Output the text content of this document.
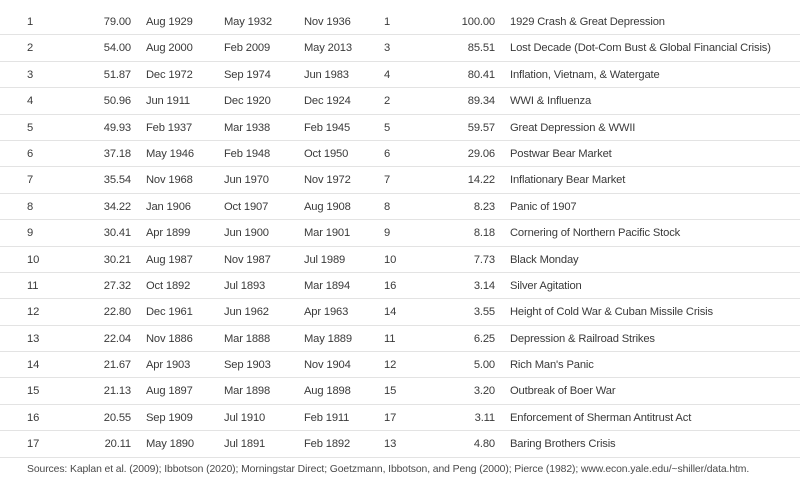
1	79.00 Aug 1929	May 1932	Nov 1936	1	100.00 1929 Crash & Great Depression
2	54.00 Aug 2000	Feb 2009	May 2013	3	85.51 Lost Decade (Dot-Com Bust & Global Financial Crisis)
3	51.87 Dec 1972	Sep 1974	Jun 1983	4	80.41 Inflation, Vietnam, & Watergate
4	50.96 Jun 1911	Dec 1920	Dec 1924	2	89.34 WWI & Influenza
5	49.93 Feb 1937	Mar 1938	Feb 1945	5	59.57 Great Depression & WWII
6	37.18 May 1946	Feb 1948	Oct 1950	6	29.06 Postwar Bear Market
7	35.54 Nov 1968	Jun 1970	Nov 1972	7	14.22 Inflationary Bear Market
8	34.22 Jan 1906	Oct 1907	Aug 1908	8	8.23 Panic of 1907
9	30.41 Apr 1899	Jun 1900	Mar 1901	9	8.18 Cornering of Northern Pacific Stock
10	30.21 Aug 1987	Nov 1987	Jul 1989	10	7.73 Black Monday
11	27.32 Oct 1892	Jul 1893	Mar 1894	16	3.14 Silver Agitation
12	22.80 Dec 1961	Jun 1962	Apr 1963	14	3.55 Height of Cold War & Cuban Missile Crisis
13	22.04 Nov 1886	Mar 1888	May 1889	11	6.25 Depression & Railroad Strikes
14	21.67 Apr 1903	Sep 1903	Nov 1904	12	5.00 Rich Man's Panic
15	21.13 Aug 1897	Mar 1898	Aug 1898	15	3.20 Outbreak of Boer War
16	20.55 Sep 1909	Jul 1910	Feb 1911	17	3.11 Enforcement of Sherman Antitrust Act
17	20.11 May 1890	Jul 1891	Feb 1892	13	4.80 Baring Brothers Crisis
Sources: Kaplan et al. (2009); Ibbotson (2020); Morningstar Direct; Goetzmann, Ibbotson, and Peng (2000); Pierce (1982); www.econ.yale.edu/~shiller/data.htm.
